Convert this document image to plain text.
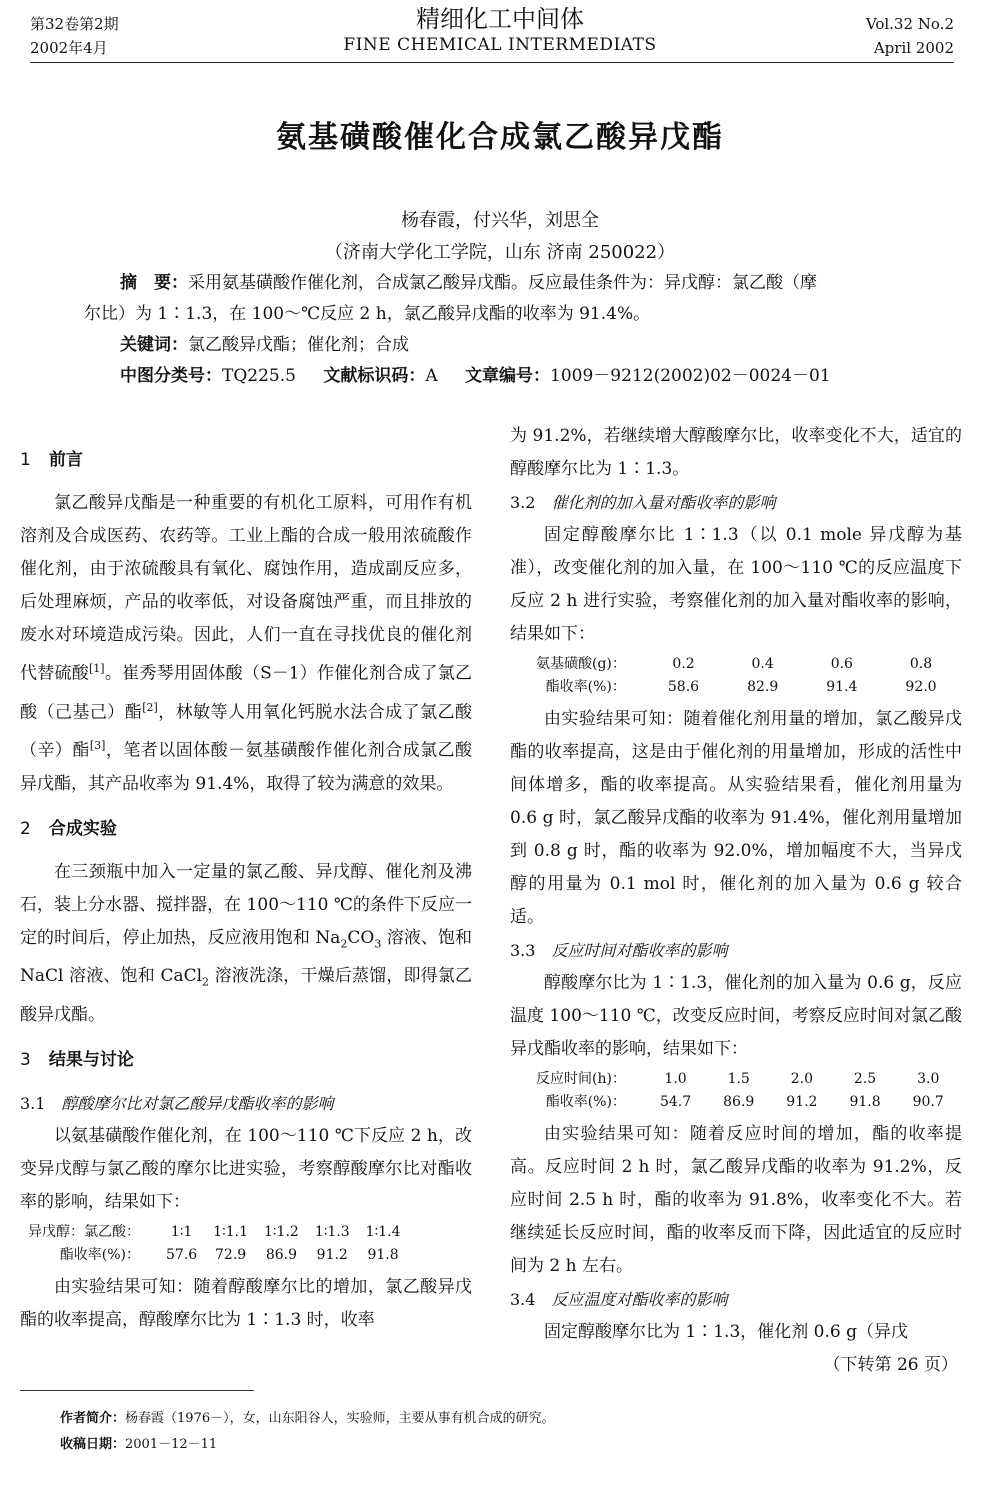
第32卷第2期
2002年4月
精细化工中间体
FINE CHEMICAL INTERMEDIATS
Vol.32 No.2
April 2002
氨基磺酸催化合成氯乙酸异戊酯
杨春霞，付兴华，刘思全
（济南大学化工学院，山东 济南 250022）
摘　要：采用氨基磺酸作催化剂，合成氯乙酸异戊酯。反应最佳条件为：异戊醇：氯乙酸（摩
尔比）为 1∶1.3，在 100～℃反应 2 h，氯乙酸异戊酯的收率为 91.4%。
关键词：氯乙酸异戊酯；催化剂；合成
中图分类号：TQ225.5 文献标识码：A 文章编号：1009－9212(2002)02－0024－01
1 前言

氯乙酸异戊酯是一种重要的有机化工原料，可用作有机溶剂及合成医药、农药等。工业上酯的合成一般用浓硫酸作催化剂，由于浓硫酸具有氧化、腐蚀作用，造成副反应多，后处理麻烦，产品的收率低，对设备腐蚀严重，而且排放的废水对环境造成污染。因此，人们一直在寻找优良的催化剂代替硫酸[1]。崔秀琴用固体酸（S－1）作催化剂合成了氯乙酸（己基己）酯[2]，林敏等人用氧化钙脱水法合成了氯乙酸（辛）酯[3]，笔者以固体酸－氨基磺酸作催化剂合成氯乙酸异戊酯，其产品收率为 91.4%，取得了较为满意的效果。

2 合成实验

在三颈瓶中加入一定量的氯乙酸、异戊醇、催化剂及沸石，装上分水器、搅拌器，在 100～110 ℃的条件下反应一定的时间后，停止加热，反应液用饱和 $Na_2CO_3$ 溶液、饱和 NaCl 溶液、饱和 CaCl$_2$ 溶液洗涤，干燥后蒸馏，即得氯乙酸异戊酯。

3 结果与讨论
3.1 醇酸摩尔比对氯乙酸异戊酯收率的影响

以氨基磺酸作催化剂，在 100～110 ℃下反应 2 h，改变异戊醇与氯乙酸的摩尔比进实验，考察醇酸摩尔比对酯收率的影响，结果如下：

异戊醇：氯乙酸：	1∶1	1∶1.1	1∶1.2	1∶1.3	1∶1.4
酯收率(%)：	57.6	72.9	86.9	91.2	91.8

由实验结果可知：随着醇酸摩尔比的增加，氯乙酸异戊酯的收率提高，醇酸摩尔比为 1∶1.3 时，收率

为 91.2%，若继续增大醇酸摩尔比，收率变化不大，适宜的醇酸摩尔比为 1∶1.3。

3.2 催化剂的加入量对酯收率的影响

固定醇酸摩尔比 1∶1.3（以 0.1 mole 异戊醇为基准），改变催化剂的加入量，在 100～110 ℃的反应温度下反应 2 h 进行实验，考察催化剂的加入量对酯收率的影响，结果如下：

氨基磺酸(g)：	0.2	0.4	0.6	0.8
酯收率(%)：	58.6	82.9	91.4	92.0

由实验结果可知：随着催化剂用量的增加，氯乙酸异戊酯的收率提高，这是由于催化剂的用量增加，形成的活性中间体增多，酯的收率提高。从实验结果看，催化剂用量为 0.6 g 时，氯乙酸异戊酯的收率为 91.4%，催化剂用量增加到 0.8 g 时，酯的收率为 92.0%，增加幅度不大，当异戊醇的用量为 0.1 mol 时，催化剂的加入量为 0.6 g 较合适。

3.3 反应时间对酯收率的影响

醇酸摩尔比为 1∶1.3，催化剂的加入量为 0.6 g，反应温度 100～110 ℃，改变反应时间，考察反应时间对氯乙酸异戊酯收率的影响，结果如下：

反应时间(h)：	1.0	1.5	2.0	2.5	3.0
酯收率(%)：	54.7	86.9	91.2	91.8	90.7

由实验结果可知：随着反应时间的增加，酯的收率提高。反应时间 2 h 时，氯乙酸异戊酯的收率为 91.2%，反应时间 2.5 h 时，酯的收率为 91.8%，收率变化不大。若继续延长反应时间，酯的收率反而下降，因此适宜的反应时间为 2 h 左右。

3.4 反应温度对酯收率的影响

固定醇酸摩尔比为 1∶1.3，催化剂 0.6 g（异戊

（下转第 26 页）
作者简介：杨春霞（1976－），女，山东阳谷人，实验师，主要从事有机合成的研究。
收稿日期：2001－12－11
